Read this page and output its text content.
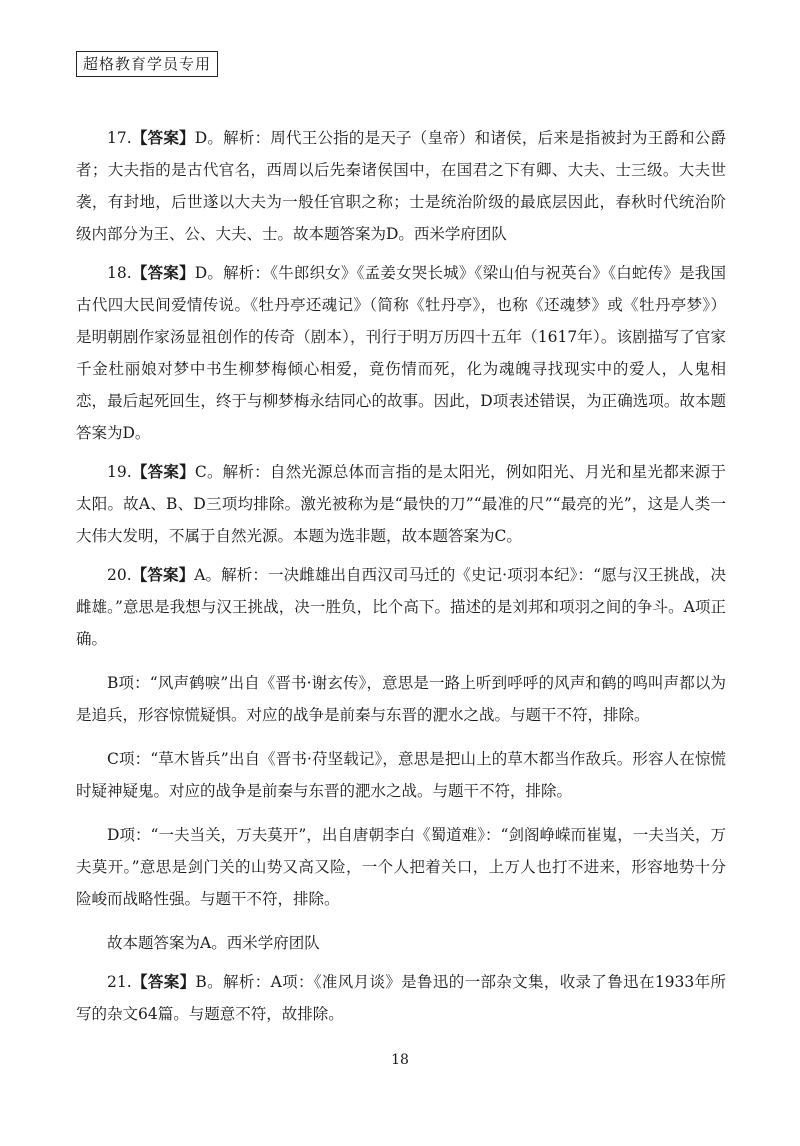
超格教育学员专用

17.【答案】D。解析：周代王公指的是天子（皇帝）和诸侯，后来是指被封为王爵和公爵者；大夫指的是古代官名，西周以后先秦诸侯国中，在国君之下有卿、大夫、士三级。大夫世袭，有封地，后世遂以大夫为一般任官职之称；士是统治阶级的最底层因此，春秋时代统治阶级内部分为王、公、大夫、士。故本题答案为D。西米学府团队

18.【答案】D。解析：《牛郎织女》《孟姜女哭长城》《梁山伯与祝英台》《白蛇传》是我国古代四大民间爱情传说。《牡丹亭还魂记》（简称《牡丹亭》，也称《还魂梦》或《牡丹亭梦》）是明朝剧作家汤显祖创作的传奇（剧本），刊行于明万历四十五年（1617年）。该剧描写了官家千金杜丽娘对梦中书生柳梦梅倾心相爱，竟伤情而死，化为魂魄寻找现实中的爱人，人鬼相恋，最后起死回生，终于与柳梦梅永结同心的故事。因此，D项表述错误，为正确选项。故本题答案为D。

19.【答案】C。解析：自然光源总体而言指的是太阳光，例如阳光、月光和星光都来源于太阳。故A、B、D三项均排除。激光被称为是“最快的刀”“最准的尺”“最亮的光”，这是人类一大伟大发明，不属于自然光源。本题为选非题，故本题答案为C。

20.【答案】A。解析：一决雌雄出自西汉司马迁的《史记·项羽本纪》：“愿与汉王挑战，决雌雄。”意思是我想与汉王挑战，决一胜负，比个高下。描述的是刘邦和项羽之间的争斗。A项正确。

B项：“风声鹤唳”出自《晋书·谢玄传》，意思是一路上听到呼呼的风声和鹤的鸣叫声都以为是追兵，形容惊慌疑惧。对应的战争是前秦与东晋的淝水之战。与题干不符，排除。

C项：“草木皆兵”出自《晋书·苻坚载记》，意思是把山上的草木都当作敌兵。形容人在惊慌时疑神疑鬼。对应的战争是前秦与东晋的淝水之战。与题干不符，排除。

D项：“一夫当关，万夫莫开”，出自唐朝李白《蜀道难》：“剑阁峥嵘而崔嵬，一夫当关，万夫莫开。”意思是剑门关的山势又高又险，一个人把着关口，上万人也打不进来，形容地势十分险峻而战略性强。与题干不符，排除。

故本题答案为A。西米学府团队

21.【答案】B。解析：A项：《准风月谈》是鲁迅的一部杂文集，收录了鲁迅在1933年所写的杂文64篇。与题意不符，故排除。

18
